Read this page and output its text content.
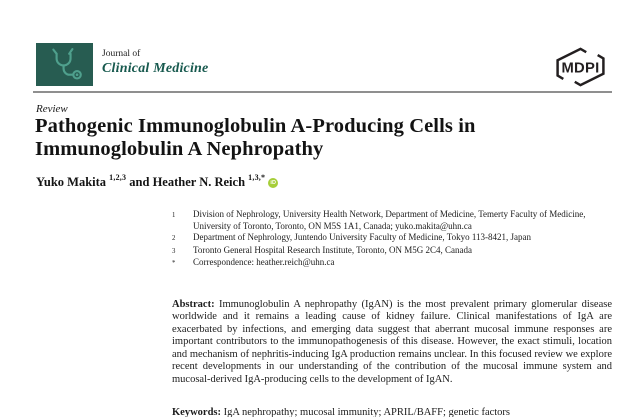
Journal of
Clinical Medicine	MDPI
Review
Pathogenic Immunoglobulin A-Producing Cells in
Immunoglobulin A Nephropathy
Yuko Makita $^{1,2,3}$ and Heather N. Reich $^{1,3,*}$iD
1	Division of Nephrology, University Health Network, Department of Medicine, Temerty Faculty of Medicine, University of Toronto, Toronto, ON M5S 1A1, Canada; yuko.makita@uhn.ca
2	Department of Nephrology, Juntendo University Faculty of Medicine, Tokyo 113-8421, Japan
3	Toronto General Hospital Research Institute, Toronto, ON M5G 2C4, Canada
*	Correspondence: heather.reich@uhn.ca

Abstract: Immunoglobulin A nephropathy (IgAN) is the most prevalent primary glomerular disease worldwide and it remains a leading cause of kidney failure. Clinical manifestations of IgA are exacerbated by infections, and emerging data suggest that aberrant mucosal immune responses are important contributors to the immunopathogenesis of this disease. However, the exact stimuli, location and mechanism of nephritis-inducing IgA production remains unclear. In this focused review we explore recent developments in our understanding of the contribution of the mucosal immune system and mucosal-derived IgA-producing cells to the development of IgAN.

Keywords: IgA nephropathy; mucosal immunity; APRIL/BAFF; genetic factors
